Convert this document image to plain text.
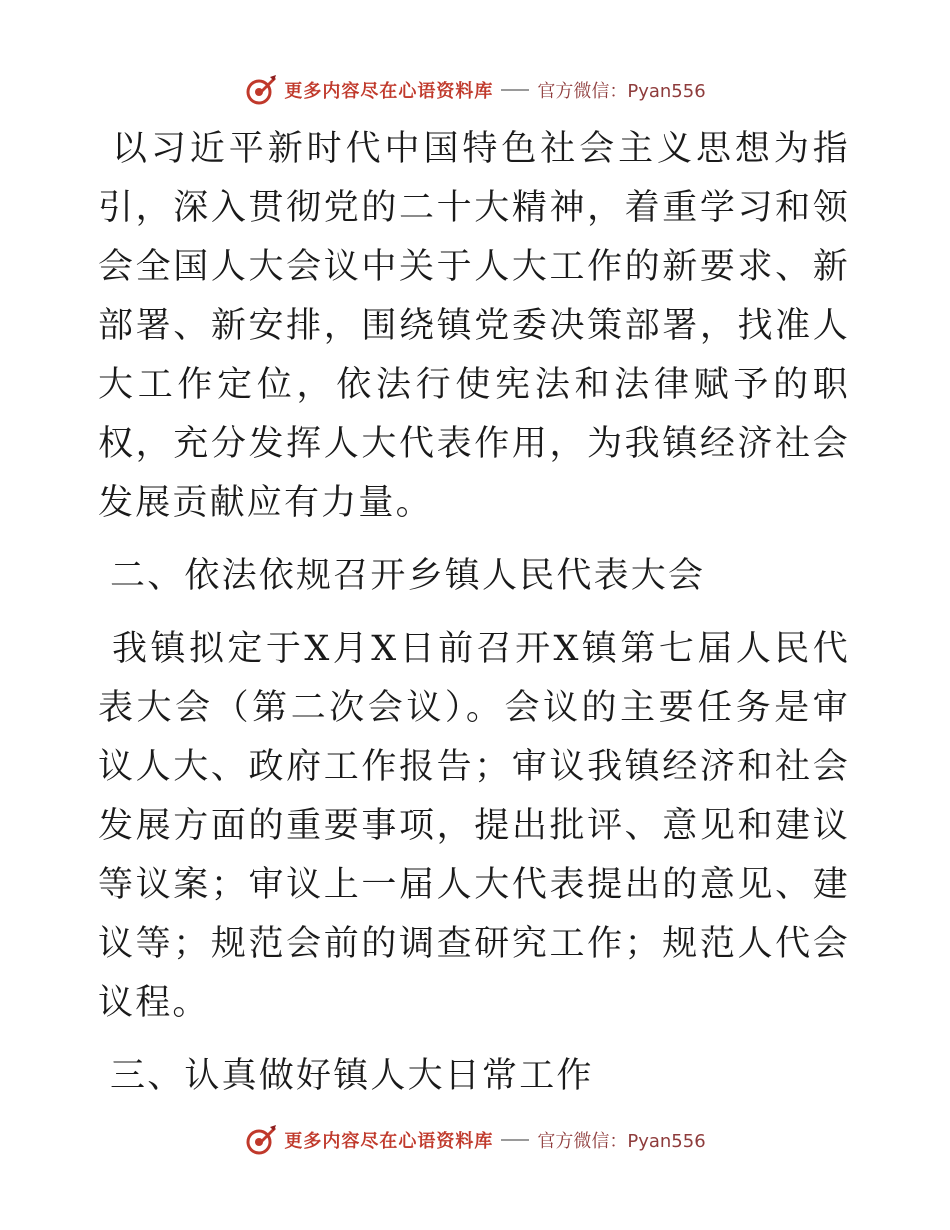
更多内容尽在心语资料库 官方微信：Pyan556

以习近平新时代中国特色社会主义思想为指引，深入贯彻党的二十大精神，着重学习和领会全国人大会议中关于人大工作的新要求、新部署、新安排，围绕镇党委决策部署，找准人大工作定位，依法行使宪法和法律赋予的职权，充分发挥人大代表作用，为我镇经济社会发展贡献应有力量。

二、依法依规召开乡镇人民代表大会

我镇拟定于X月X日前召开X镇第七届人民代表大会（第二次会议）。会议的主要任务是审议人大、政府工作报告；审议我镇经济和社会发展方面的重要事项，提出批评、意见和建议等议案；审议上一届人大代表提出的意见、建议等；规范会前的调查研究工作；规范人代会议程。

三、认真做好镇人大日常工作

更多内容尽在心语资料库 官方微信：Pyan556
